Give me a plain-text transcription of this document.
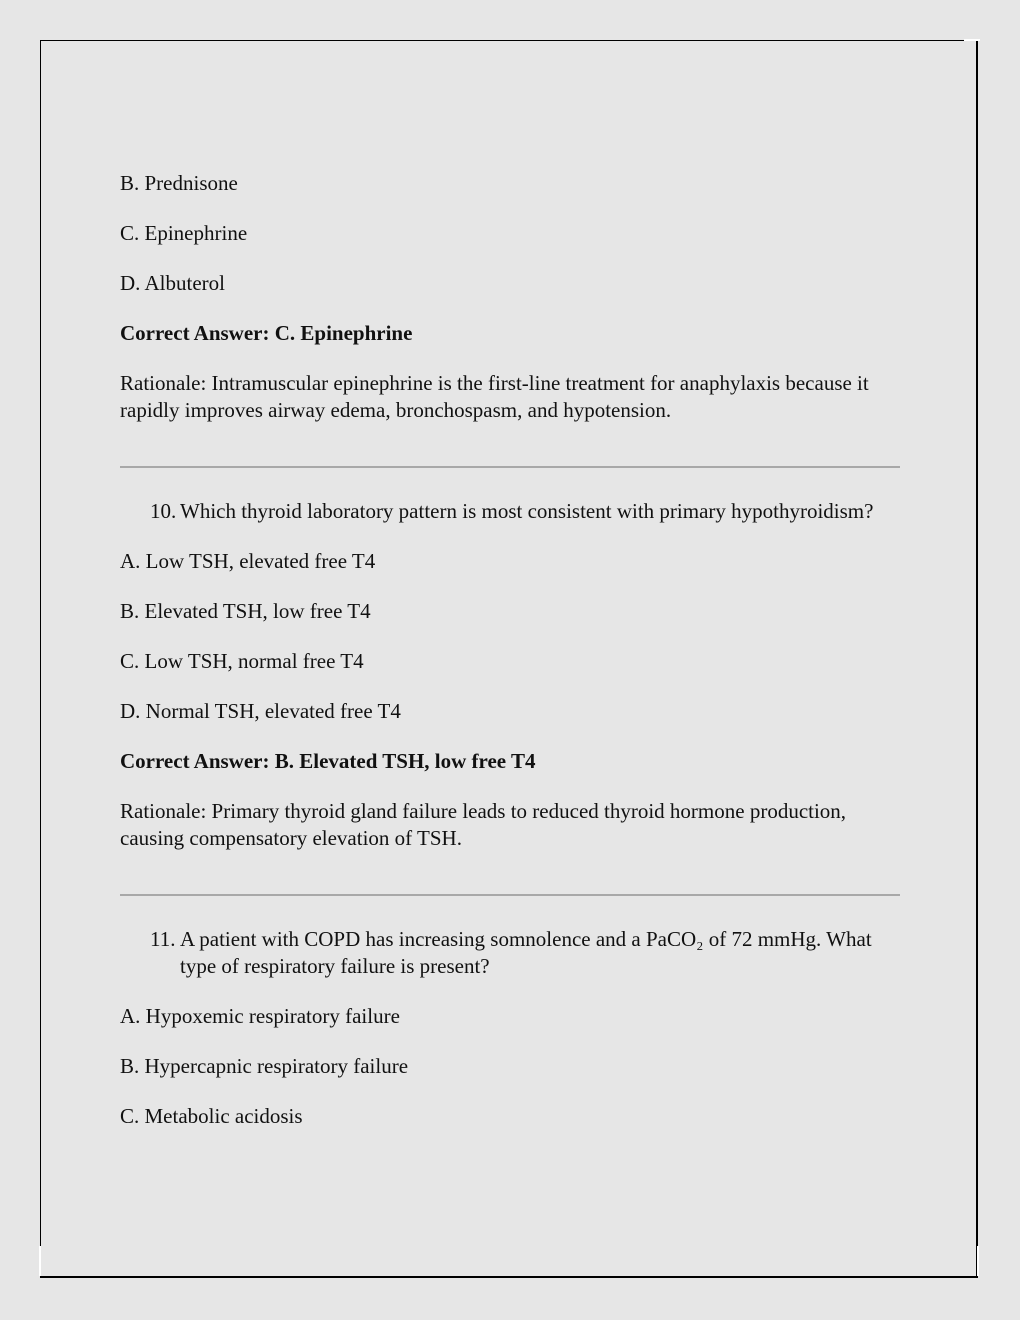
B. Prednisone

C. Epinephrine

D. Albuterol

Correct Answer: C. Epinephrine

Rationale: Intramuscular epinephrine is the first-line treatment for anaphylaxis because it rapidly improves airway edema, bronchospasm, and hypotension.

10. Which thyroid laboratory pattern is most consistent with primary hypothyroidism?

A. Low TSH, elevated free T4

B. Elevated TSH, low free T4

C. Low TSH, normal free T4

D. Normal TSH, elevated free T4

Correct Answer: B. Elevated TSH, low free T4

Rationale: Primary thyroid gland failure leads to reduced thyroid hormone production, causing compensatory elevation of TSH.

11. A patient with COPD has increasing somnolence and a PaCO₂ of 72 mmHg. What type of respiratory failure is present?

A. Hypoxemic respiratory failure

B. Hypercapnic respiratory failure

C. Metabolic acidosis
